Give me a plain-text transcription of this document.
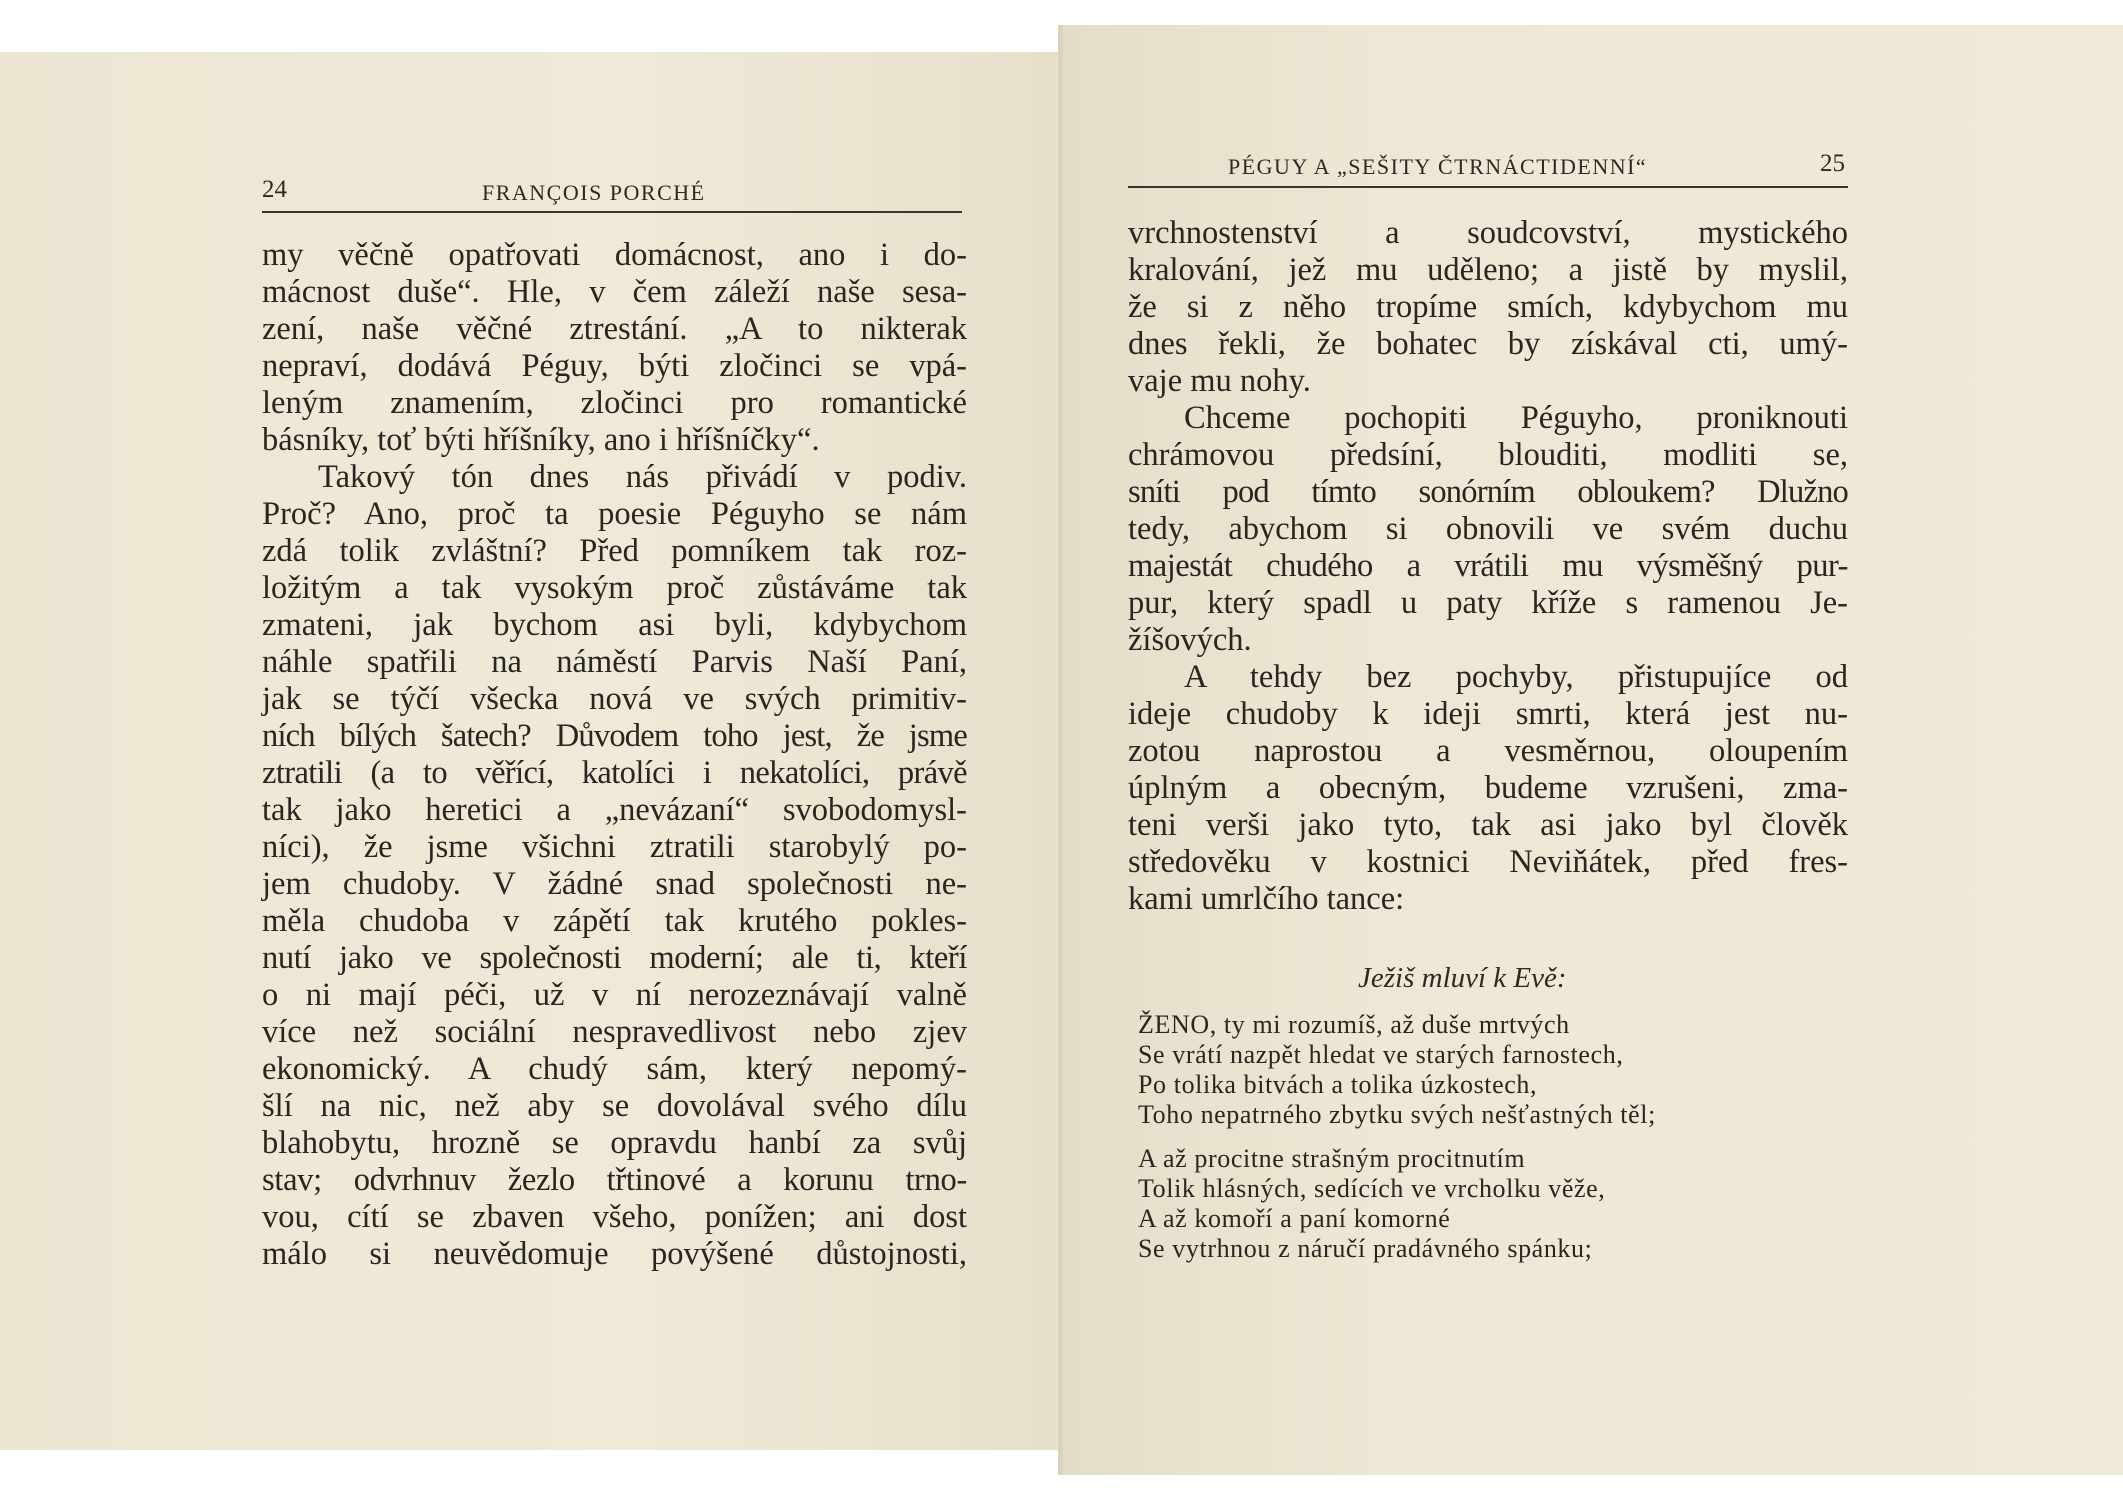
24	FRANÇOIS PORCHÉ
my věčně opatřovati domácnost, ano i do-
mácnost duše“. Hle, v čem záleží naše sesa-
zení, naše věčné ztrestání. „A to nikterak
nepraví, dodává Péguy, býti zločinci se vpá-
leným znamením, zločinci pro romantické
básníky, toť býti hříšníky, ano i hříšníčky“.
Takový tón dnes nás přivádí v podiv.
Proč? Ano, proč ta poesie Péguyho se nám
zdá tolik zvláštní? Před pomníkem tak roz-
ložitým a tak vysokým proč zůstáváme tak
zmateni, jak bychom asi byli, kdybychom
náhle spatřili na náměstí Parvis Naší Paní,
jak se týčí všecka nová ve svých primitiv-
ních bílých šatech? Důvodem toho jest, že jsme
ztratili (a to věřící, katolíci i nekatolíci, právě
tak jako heretici a „nevázaní“ svobodomysl-
níci), že jsme všichni ztratili starobylý po-
jem chudoby. V žádné snad společnosti ne-
měla chudoba v zápětí tak krutého pokles-
nutí jako ve společnosti moderní; ale ti, kteří
o ni mají péči, už v ní nerozeznávají valně
více než sociální nespravedlivost nebo zjev
ekonomický. A chudý sám, který nepomý-
šlí na nic, než aby se dovolával svého dílu
blahobytu, hrozně se opravdu hanbí za svůj
stav; odvrhnuv žezlo třtinové a korunu trno-
vou, cítí se zbaven všeho, ponížen; ani dost
málo si neuvědomuje povýšené důstojnosti,
PÉGUY A „SEŠITY ČTRNÁCTIDENNÍ“	25
vrchnostenství a soudcovství, mystického
kralování, jež mu uděleno; a jistě by myslil,
že si z něho tropíme smích, kdybychom mu
dnes řekli, že bohatec by získával cti, umý-
vaje mu nohy.
Chceme pochopiti Péguyho, proniknouti
chrámovou předsíní, blouditi, modliti se,
sníti pod tímto sonórním obloukem? Dlužno
tedy, abychom si obnovili ve svém duchu
majestát chudého a vrátili mu výsměšný pur-
pur, který spadl u paty kříže s ramenou Je-
žíšových.
A tehdy bez pochyby, přistupujíce od
ideje chudoby k ideji smrti, která jest nu-
zotou naprostou a vesměrnou, oloupením
úplným a obecným, budeme vzrušeni, zma-
teni verši jako tyto, tak asi jako byl člověk
středověku v kostnici Neviňátek, před fres-
kami umrlčího tance:
Ježiš mluví k Evě:
ŽENO, ty mi rozumíš, až duše mrtvých
Se vrátí nazpět hledat ve starých farnostech,
Po tolika bitvách a tolika úzkostech,
Toho nepatrného zbytku svých nešťastných těl;
A až procitne strašným procitnutím
Tolik hlásných, sedících ve vrcholku věže,
A až komoří a paní komorné
Se vytrhnou z náručí pradávného spánku;
